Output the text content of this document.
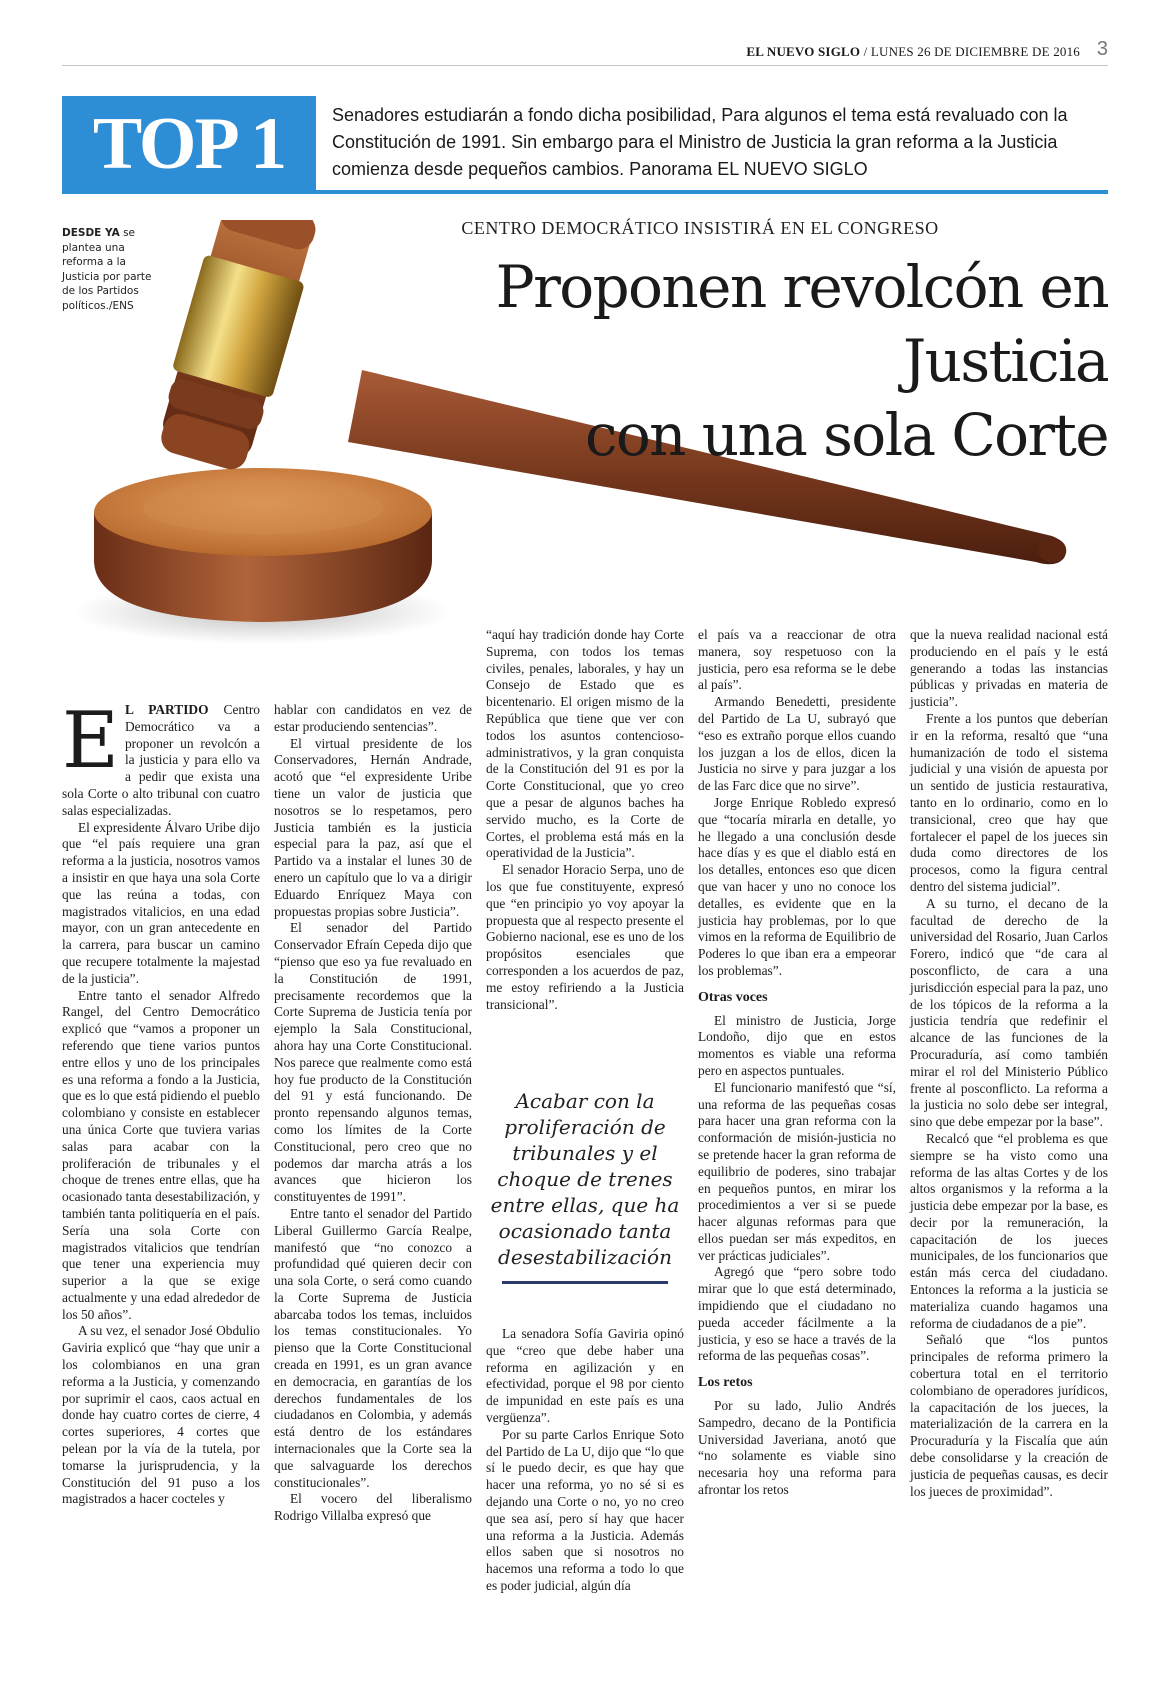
EL NUEVO SIGLO / LUNES 26 DE DICIEMBRE DE 2016 3
TOP 1	Senadores estudiarán a fondo dicha posibilidad, Para algunos el tema está revaluado con la Constitución de 1991. Sin embargo para el Ministro de Justicia la gran reforma a la Justicia comienza desde pequeños cambios. Panorama EL NUEVO SIGLO
DESDE YA se plantea una reforma a la Justicia por parte de los Partidos políticos./ENS
CENTRO DEMOCRÁTICO INSISTIRÁ EN EL CONGRESO
Proponen revolcón en Justicia
con una sola Corte

E L PARTIDO Centro Democrático va a proponer un revolcón a la justicia y para ello va a pedir que exista una sola Corte o alto tribunal con cuatro salas especializadas.

El expresidente Álvaro Uribe dijo que “el país requiere una gran reforma a la justicia, nosotros vamos a insistir en que haya una sola Corte que las reúna a todas, con magistrados vitalicios, en una edad mayor, con un gran antecedente en la carrera, para buscar un camino que recupere totalmente la majestad de la justicia”.

Entre tanto el senador Alfredo Rangel, del Centro Democrático explicó que “vamos a proponer un referendo que tiene varios puntos entre ellos y uno de los principales es una reforma a fondo a la Justicia, que es lo que está pidiendo el pueblo colombiano y consiste en establecer una única Corte que tuviera varias salas para acabar con la proliferación de tribunales y el choque de trenes entre ellas, que ha ocasionado tanta desestabilización, y también tanta politiquería en el país. Sería una sola Corte con magistrados vitalicios que tendrían que tener una experiencia muy superior a la que se exige actualmente y una edad alrededor de los 50 años”.

A su vez, el senador José Obdulio Gaviria explicó que “hay que unir a los colombianos en una gran reforma a la Justicia, y comenzando por suprimir el caos, caos actual en donde hay cuatro cortes de cierre, 4 cortes superiores, 4 cortes que pelean por la vía de la tutela, por tomarse la jurisprudencia, y la Constitución del 91 puso a los magistrados a hacer cocteles y

hablar con candidatos en vez de estar produciendo sentencias”.

El virtual presidente de los Conservadores, Hernán Andrade, acotó que “el expresidente Uribe tiene un valor de justicia que nosotros se lo respetamos, pero Justicia también es la justicia especial para la paz, así que el Partido va a instalar el lunes 30 de enero un capítulo que lo va a dirigir Eduardo Enríquez Maya con propuestas propias sobre Justicia”.

El senador del Partido Conservador Efraín Cepeda dijo que “pienso que eso ya fue revaluado en la Constitución de 1991, precisamente recordemos que la Corte Suprema de Justicia tenía por ejemplo la Sala Constitucional, ahora hay una Corte Constitucional. Nos parece que realmente como está hoy fue producto de la Constitución del 91 y está funcionando. De pronto repensando algunos temas, como los límites de la Corte Constitucional, pero creo que no podemos dar marcha atrás a los avances que hicieron los constituyentes de 1991”.

Entre tanto el senador del Partido Liberal Guillermo García Realpe, manifestó que “no conozco a profundidad qué quieren decir con una sola Corte, o será como cuando la Corte Suprema de Justicia abarcaba todos los temas, incluidos los temas constitucionales. Yo pienso que la Corte Constitucional creada en 1991, es un gran avance en democracia, en garantías de los derechos fundamentales de los ciudadanos en Colombia, y además está dentro de los estándares internacionales que la Corte sea la que salvaguarde los derechos constitucionales”.

El vocero del liberalismo Rodrigo Villalba expresó que

“aquí hay tradición donde hay Corte Suprema, con todos los temas civiles, penales, laborales, y hay un Consejo de Estado que es bicentenario. El origen mismo de la República que tiene que ver con todos los asuntos contencioso-administrativos, y la gran conquista de la Constitución del 91 es por la Corte Constitucional, que yo creo que a pesar de algunos baches ha servido mucho, es la Corte de Cortes, el problema está más en la operatividad de la Justicia”.

El senador Horacio Serpa, uno de los que fue constituyente, expresó que “en principio yo voy apoyar la propuesta que al respecto presente el Gobierno nacional, ese es uno de los propósitos esenciales que corresponden a los acuerdos de paz, me estoy refiriendo a la Justicia transicional”.

Acabar con la proliferación de tribunales y el choque de trenes entre ellas, que ha ocasionado tanta desestabilización

La senadora Sofía Gaviria opinó que “creo que debe haber una reforma en agilización y en efectividad, porque el 98 por ciento de impunidad en este país es una vergüenza”.

Por su parte Carlos Enrique Soto del Partido de La U, dijo que “lo que sí le puedo decir, es que hay que hacer una reforma, yo no sé si es dejando una Corte o no, yo no creo que sea así, pero sí hay que hacer una reforma a la Justicia. Además ellos saben que si nosotros no hacemos una reforma a todo lo que es poder judicial, algún día

el país va a reaccionar de otra manera, soy respetuoso con la justicia, pero esa reforma se le debe al país”.

Armando Benedetti, presidente del Partido de La U, subrayó que “eso es extraño porque ellos cuando los juzgan a los de ellos, dicen la Justicia no sirve y para juzgar a los de las Farc dice que no sirve”.

Jorge Enrique Robledo expresó que “tocaría mirarla en detalle, yo he llegado a una conclusión desde hace días y es que el diablo está en los detalles, entonces eso que dicen que van hacer y uno no conoce los detalles, es evidente que en la justicia hay problemas, por lo que vimos en la reforma de Equilibrio de Poderes lo que iban era a empeorar los problemas”.

Otras voces

El ministro de Justicia, Jorge Londoño, dijo que en estos momentos es viable una reforma pero en aspectos puntuales.

El funcionario manifestó que “sí, una reforma de las pequeñas cosas para hacer una gran reforma con la conformación de misión-justicia no se pretende hacer la gran reforma de equilibrio de poderes, sino trabajar en pequeños puntos, en mirar los procedimientos a ver si se puede hacer algunas reformas para que ellos puedan ser más expeditos, en ver prácticas judiciales”.

Agregó que “pero sobre todo mirar que lo que está determinado, impidiendo que el ciudadano no pueda acceder fácilmente a la justicia, y eso se hace a través de la reforma de las pequeñas cosas”.

Los retos

Por su lado, Julio Andrés Sampedro, decano de la Pontificia Universidad Javeriana, anotó que “no solamente es viable sino necesaria hoy una reforma para afrontar los retos

que la nueva realidad nacional está produciendo en el país y le está generando a todas las instancias públicas y privadas en materia de justicia”.

Frente a los puntos que deberían ir en la reforma, resaltó que “una humanización de todo el sistema judicial y una visión de apuesta por un sentido de justicia restaurativa, tanto en lo ordinario, como en lo transicional, creo que hay que fortalecer el papel de los jueces sin duda como directores de los procesos, como la figura central dentro del sistema judicial”.

A su turno, el decano de la facultad de derecho de la universidad del Rosario, Juan Carlos Forero, indicó que “de cara al posconflicto, de cara a una jurisdicción especial para la paz, uno de los tópicos de la reforma a la justicia tendría que redefinir el alcance de las funciones de la Procuraduría, así como también mirar el rol del Ministerio Público frente al posconflicto. La reforma a la justicia no solo debe ser integral, sino que debe empezar por la base”.

Recalcó que “el problema es que siempre se ha visto como una reforma de las altas Cortes y de los altos organismos y la reforma a la justicia debe empezar por la base, es decir por la remuneración, la capacitación de los jueces municipales, de los funcionarios que están más cerca del ciudadano. Entonces la reforma a la justicia se materializa cuando hagamos una reforma de ciudadanos de a pie”.

Señaló que “los puntos principales de reforma primero la cobertura total en el territorio colombiano de operadores jurídicos, la capacitación de los jueces, la materialización de la carrera en la Procuraduría y la Fiscalía que aún debe consolidarse y la creación de justicia de pequeñas causas, es decir los jueces de proximidad”.
